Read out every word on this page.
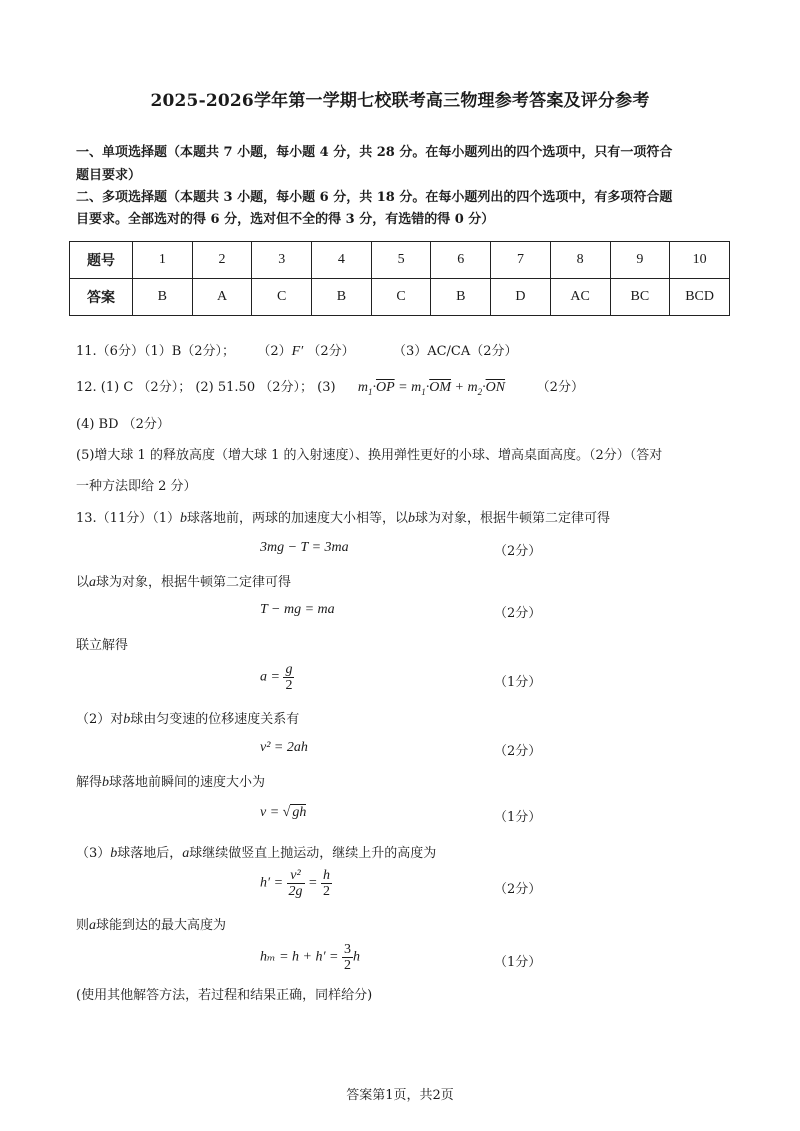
2025-2026学年第一学期七校联考高三物理参考答案及评分参考
一、单项选择题（本题共 7 小题，每小题 4 分，共 28 分。在每小题列出的四个选项中，只有一项符合
题目要求）
二、多项选择题（本题共 3 小题，每小题 6 分，共 18 分。在每小题列出的四个选项中，有多项符合题
目要求。全部选对的得 6 分，选对但不全的得 3 分，有选错的得 0 分）
题号	1	2	3	4	5	6	7	8	9	10
答案	B	A	C	B	C	B	D	AC	BC	BCD
11.（6分）（1）B（2分）； （2）F′ （2分）	（3）AC/CA（2分）
12. (1) C （2分）； (2) 51.50 （2分）； (3) $m_1\cdot\overline{OP} = m_1\cdot\overline{OM} + m_2\cdot\overline{ON}$ （2分）
(4) BD （2分）
(5)增大球 1 的释放高度（增大球 1 的入射速度）、换用弹性更好的小球、增高桌面高度。（2分）（答对
一种方法即给 2 分）
13.（11分）（1）b球落地前，两球的加速度大小相等，以b球为对象，根据牛顿第二定律可得
3mg − T = 3ma	（2分）
以a球为对象，根据牛顿第二定律可得
T − mg = ma	（2分）
联立解得
$a = \frac{g}{2}$	（1分）
（2）对b球由匀变速的位移速度关系有
v² = 2ah	（2分）
解得b球落地前瞬间的速度大小为
v = √ gh	（1分）
（3）b球落地后，a球继续做竖直上抛运动，继续上升的高度为
$h' = \frac{\text{v²}}{2g} = \frac{h}{2}$	（2分）
则a球能到达的最大高度为
$h_m = h + h' = \frac{3}{2}$ h	（1分）
(使用其他解答方法，若过程和结果正确，同样给分)
答案第1页，共2页
